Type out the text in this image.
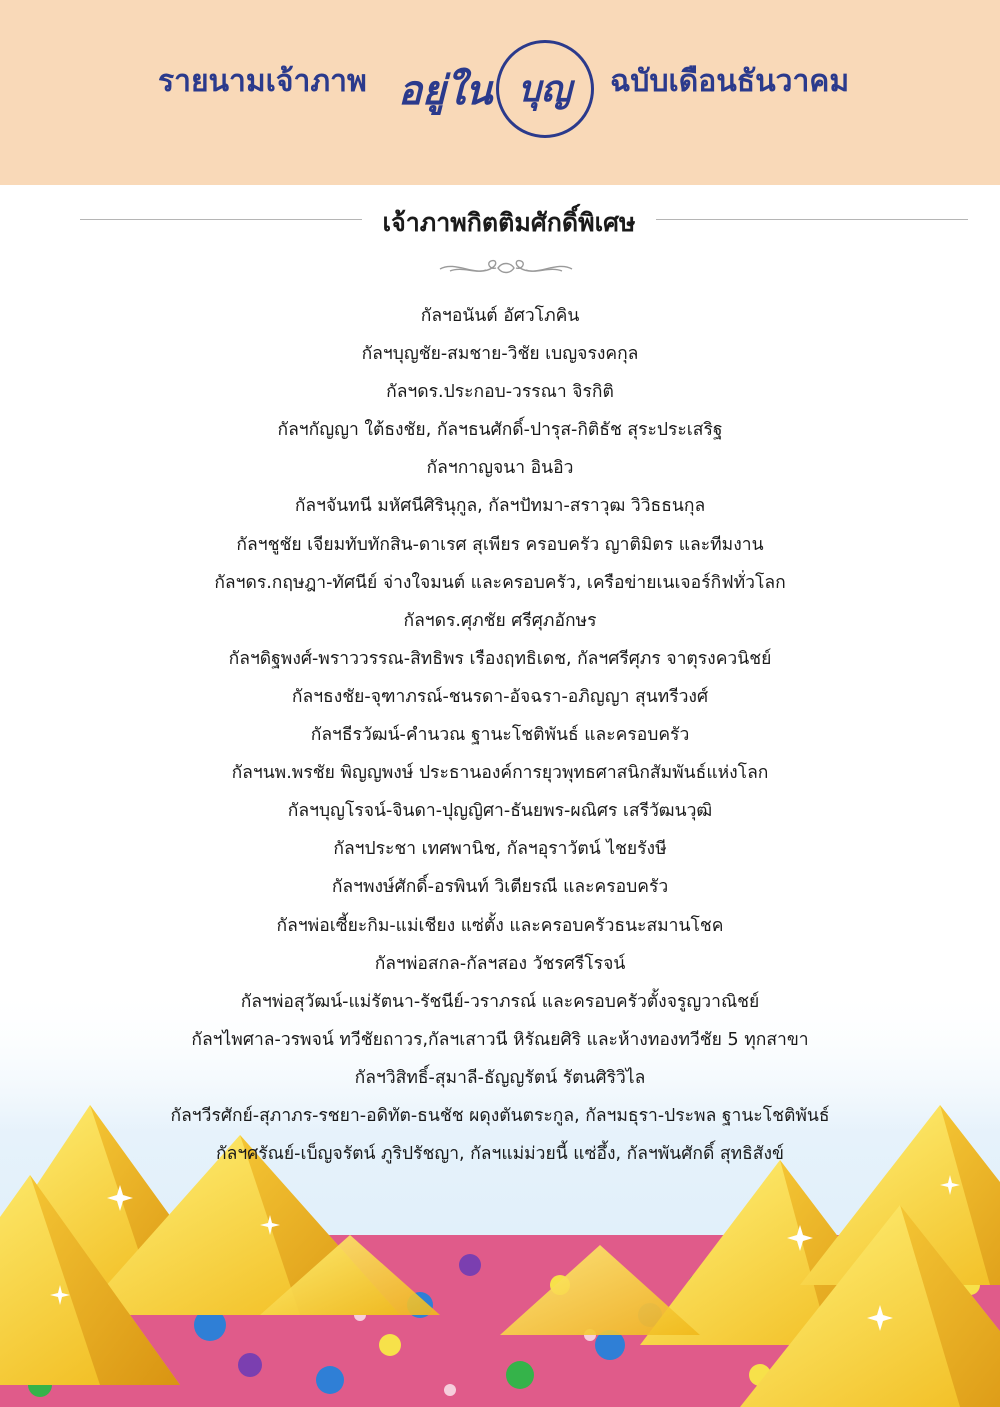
รายนามเจ้าภาพ อยู่ใน บุญ ฉบับเดือนธันวาคม
เจ้าภาพกิตติมศักดิ์พิเศษ
กัลฯอนันต์ อัศวโภคิน
กัลฯบุญชัย-สมชาย-วิชัย เบญจรงคกุล
กัลฯดร.ประกอบ-วรรณา จิรกิติ
กัลฯกัญญา ใต้ธงชัย, กัลฯธนศักดิ์-ปารุส-กิติธัช สุระประเสริฐ
กัลฯกาญจนา อินอิว
กัลฯจันทนี มหัศนีศิรินุกูล, กัลฯปัทมา-สราวุฒ วิวิธธนกุล
กัลฯชูชัย เจียมทับทักสิน-ดาเรศ สุเพียร ครอบครัว ญาติมิตร และทีมงาน
กัลฯดร.กฤษฎา-ทัศนีย์ จ่างใจมนต์ และครอบครัว, เครือข่ายเนเจอร์กิฟทั่วโลก
กัลฯดร.ศุภชัย ศรีศุภอักษร
กัลฯดิฐพงศ์-พราววรรณ-สิทธิพร เรืองฤทธิเดช, กัลฯศรีศุภร จาตุรงควนิชย์
กัลฯธงชัย-จุฑาภรณ์-ชนรดา-อัจฉรา-อภิญญา สุนทรีวงศ์
กัลฯธีรวัฒน์-คำนวณ ฐานะโชติพันธ์ และครอบครัว
กัลฯนพ.พรชัย พิญญพงษ์ ประธานองค์การยุวพุทธศาสนิกสัมพันธ์แห่งโลก
กัลฯบุญโรจน์-จินดา-ปุญญิศา-ธันยพร-ผณิศร เสรีวัฒนวุฒิ
กัลฯประชา เทศพานิช, กัลฯอุราวัตน์ ไชยรังษี
กัลฯพงษ์ศักดิ์-อรพินท์ วิเตียรณี และครอบครัว
กัลฯพ่อเซี้ยะกิม-แม่เชียง แซ่ตั้ง และครอบครัวธนะสมานโชค
กัลฯพ่อสกล-กัลฯสอง วัชรศรีโรจน์
กัลฯพ่อสุวัฒน์-แม่รัตนา-รัชนีย์-วราภรณ์ และครอบครัวตั้งจรูญวาณิชย์
กัลฯไพศาล-วรพจน์ ทวีชัยถาวร,กัลฯเสาวนี หิรัณยศิริ และห้างทองทวีชัย 5 ทุกสาขา
กัลฯวิสิทธิ์-สุมาลี-ธัญญรัตน์ รัตนศิริวิไล
กัลฯวีรศักย์-สุภาภร-รชยา-อดิทัต-ธนชัช ผดุงตันตระกูล, กัลฯมธุรา-ประพล ฐานะโชติพันธ์
กัลฯศรัณย์-เบ็ญจรัตน์ ภูริปรัชญา, กัลฯแม่ม่วยนี้ แซ่อึ้ง, กัลฯพันศักดิ์ สุทธิสังข์
